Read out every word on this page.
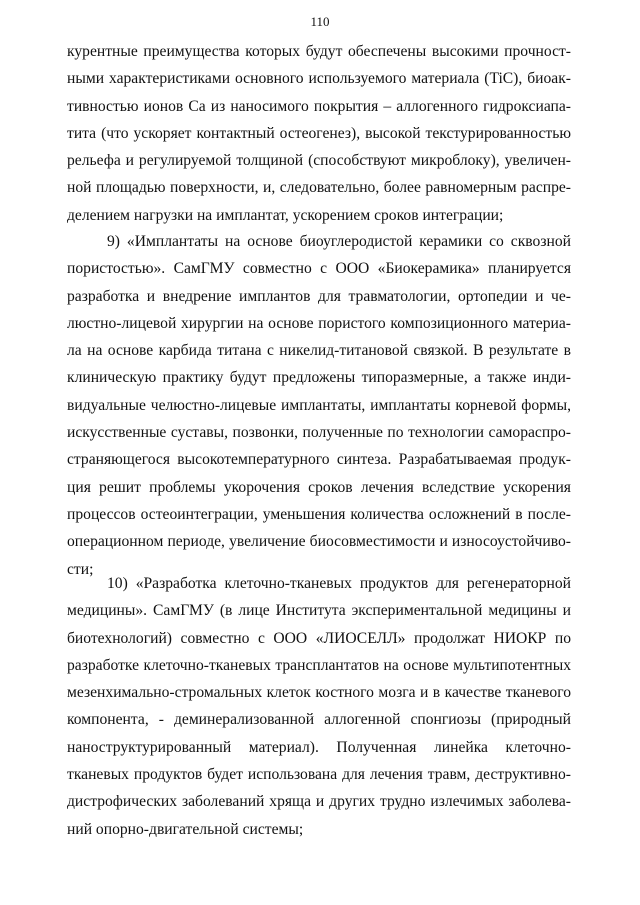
110
курентные преимущества которых будут обеспечены высокими прочност-
ными характеристиками основного используемого материала (TiC), биоак-
тивностью ионов Са из наносимого покрытия – аллогенного гидроксиапа-
тита (что ускоряет контактный остеогенез), высокой текстурированностью
рельефа и регулируемой толщиной (способствуют микроблоку), увеличен-
ной площадью поверхности, и, следовательно, более равномерным распре-
делением нагрузки на имплантат, ускорением сроков интеграции;
9) «Имплантаты на основе биоуглеродистой керамики со сквозной
пористостью». СамГМУ совместно с ООО «Биокерамика» планируется
разработка и внедрение имплантов для травматологии, ортопедии и че-
люстно-лицевой хирургии на основе пористого композиционного материа-
ла на основе карбида титана с никелид-титановой связкой. В результате в
клиническую практику будут предложены типоразмерные, а также инди-
видуальные челюстно-лицевые имплантаты, имплантаты корневой формы,
искусственные суставы, позвонки, полученные по технологии самораспро-
страняющегося высокотемпературного синтеза. Разрабатываемая продук-
ция решит проблемы укорочения сроков лечения вследствие ускорения
процессов остеоинтеграции, уменьшения количества осложнений в после-
операционном периоде, увеличение биосовместимости и износоустойчиво-
сти;
10) «Разработка клеточно-тканевых продуктов для регенераторной
медицины». СамГМУ (в лице Института экспериментальной медицины и
биотехнологий) совместно с ООО «ЛИОСЕЛЛ» продолжат НИОКР по
разработке клеточно-тканевых трансплантатов на основе мультипотентных
мезенхимально-стромальных клеток костного мозга и в качестве тканевого
компонента, - деминерализованной аллогенной спонгиозы (природный
наноструктурированный материал). Полученная линейка клеточно-
тканевых продуктов будет использована для лечения травм, деструктивно-
дистрофических заболеваний хряща и других трудно излечимых заболева-
ний опорно-двигательной системы;
